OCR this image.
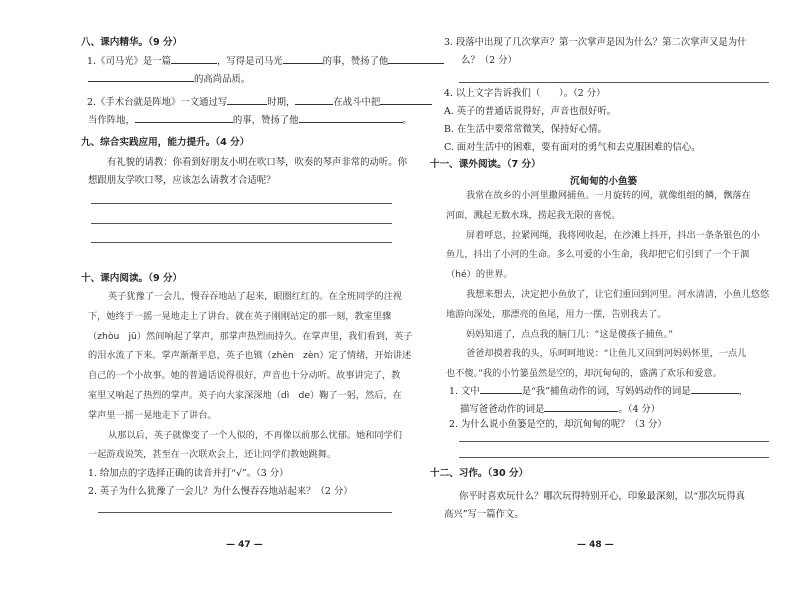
八、课内精华。（9 分）
1.《司马光》是一篇	，写得是司马光	的事，赞扬了他
的高尚品质。
2.《手术台就是阵地》一文通过写	时期，	在战斗中把
当作阵地，	的事，赞扬了他	。
九、综合实践应用，能力提升。（4 分）
有礼貌的请教：你看到好朋友小明在吹口琴，吹奏的琴声非常的动听。你
想跟朋友学吹口琴，应该怎么请教才合适呢？
十、课内阅读。（9 分）

英子犹豫了一会儿，慢吞吞地站了起来，眼圈红红的。在全班同学的注视

下，她终于一摇一晃地走上了讲台。就在英子刚刚站定的那一刻，教室里骤

（zhòu　jū）然间响起了掌声，那掌声热烈而持久。在掌声里，我们看到，英子

的泪水流了下来。掌声渐渐平息，英子也镇（zhèn　zèn）定了情绪，开始讲述

自己的一个小故事。她的普通话说得很好，声音也十分动听。故事讲完了，教

室里又响起了热烈的掌声。英子向大家深深地（dì　de）鞠了一躬，然后，在

掌声里一摇一晃地走下了讲台。

从那以后，英子就像变了一个人似的，不再像以前那么忧郁。她和同学们

一起游戏说笑，甚至在一次联欢会上，还让同学们教她跳舞。

1. 给加点的字选择正确的读音并打“√”。（3 分）
2. 英子为什么犹豫了一会儿？为什么慢吞吞地站起来？（2 分）
— 47 —
3. 段落中出现了几次掌声？第一次掌声是因为什么？第二次掌声又是为什
么？（2 分）
4. 以上文字告诉我们（　　）。（2 分）
A. 英子的普通话说得好，声音也很好听。
B. 在生活中要常常微笑，保持好心情。
C. 面对生活中的困难，要有面对的勇气和去克服困难的信心。
十一、课外阅读。（7 分）
沉甸甸的小鱼篓

我常在故乡的小河里撒网捕鱼。一月旋转的网，就像组组的鳞，飘落在

河面，溅起无数水珠，捞起我无限的喜悦。

屏着呼息，拉紧网绳，我将网收起，在沙滩上抖开，抖出一条条银色的小

鱼儿，抖出了小河的生命。多么可爱的小生命，我却把它们引到了一个干涸

（hé）的世界。

我想来想去，决定把小鱼放了，让它们重回到河里。河水清清，小鱼儿悠悠

地游向深处，那漂亮的鱼尾，用力一摆，告别我去了。

妈妈知道了，点点我的脑门儿：“这是傻孩子捕鱼。”

爸爸却摸着我的头，乐呵呵地说：“让鱼儿又回到河妈妈怀里，一点儿

也不傻。”我的小竹篓虽然是空的，却沉甸甸的，盛满了欢乐和爱意。

1. 文中	是“我”捕鱼动作的词，写妈妈动作的词是	，
描写爸爸动作的词是	。（4 分）
2. 为什么说小鱼篓是空的，却沉甸甸的呢？（3 分）
十二、习作。（30 分）
你平时喜欢玩什么？哪次玩得特别开心，印象最深刻，以“那次玩得真
高兴”写一篇作文。
— 48 —
